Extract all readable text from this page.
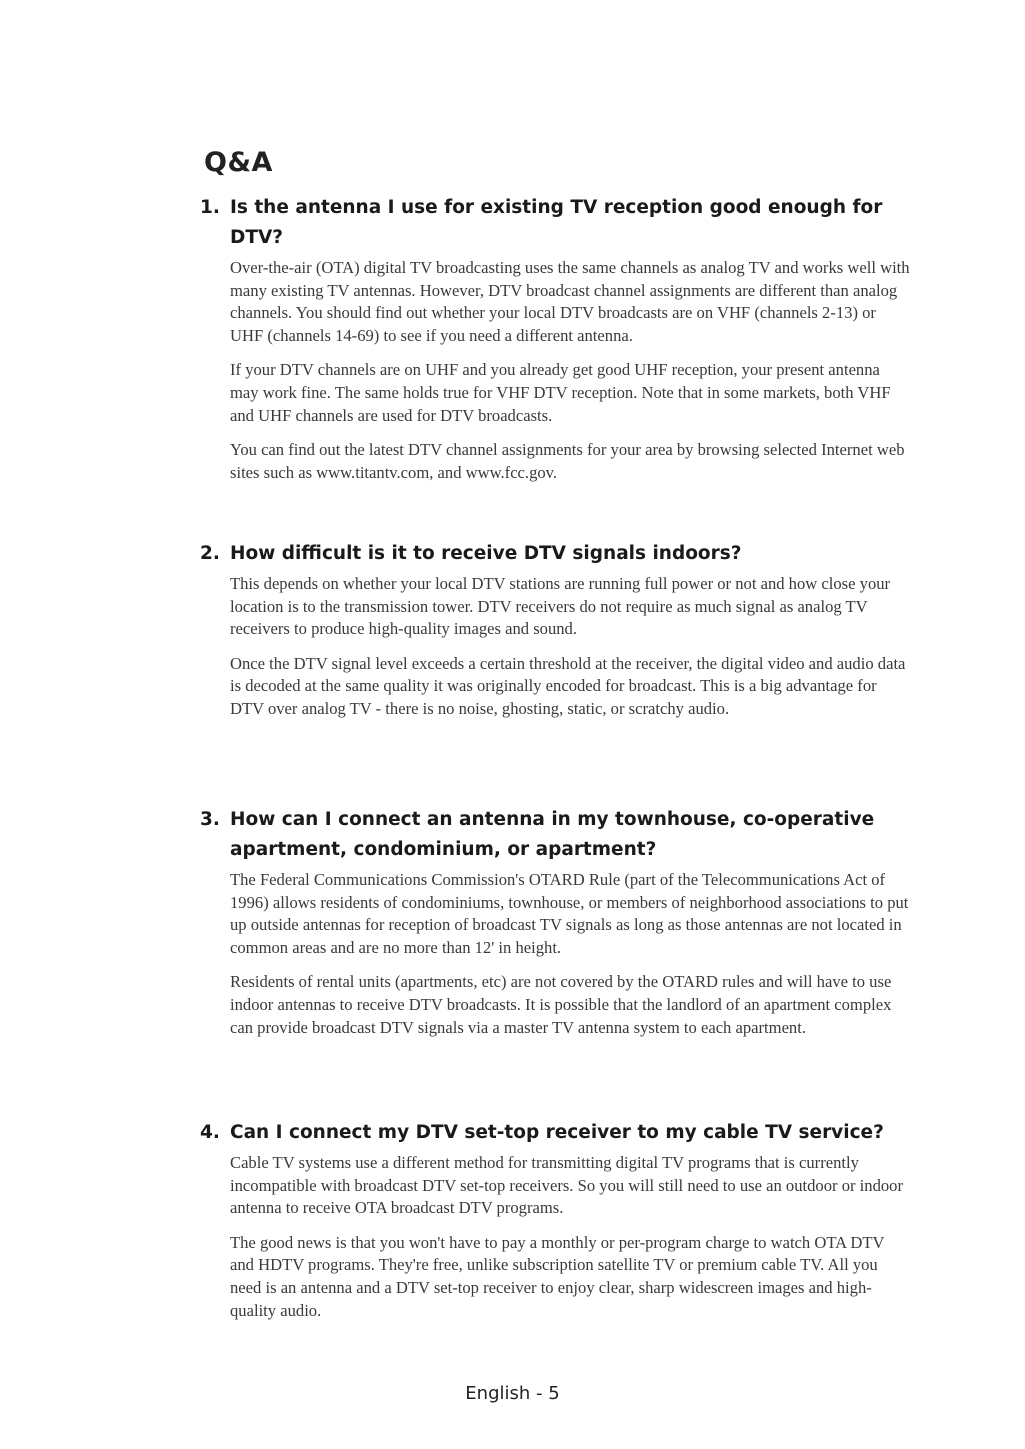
Q&A
1. Is the antenna I use for existing TV reception good enough for DTV?

Over-the-air (OTA) digital TV broadcasting uses the same channels as analog TV and works well with many existing TV antennas. However, DTV broadcast channel assignments are different than analog channels. You should find out whether your local DTV broadcasts are on VHF (channels 2-13) or UHF (channels 14-69) to see if you need a different antenna.

If your DTV channels are on UHF and you already get good UHF reception, your present antenna may work fine. The same holds true for VHF DTV reception. Note that in some markets, both VHF and UHF channels are used for DTV broadcasts.

You can find out the latest DTV channel assignments for your area by browsing selected Internet web sites such as www.titantv.com, and www.fcc.gov.

2. How difficult is it to receive DTV signals indoors?

This depends on whether your local DTV stations are running full power or not and how close your location is to the transmission tower. DTV receivers do not require as much signal as analog TV receivers to produce high-quality images and sound.

Once the DTV signal level exceeds a certain threshold at the receiver, the digital video and audio data is decoded at the same quality it was originally encoded for broadcast. This is a big advantage for DTV over analog TV - there is no noise, ghosting, static, or scratchy audio.

3. How can I connect an antenna in my townhouse, co-operative apartment, condominium, or apartment?

The Federal Communications Commission's OTARD Rule (part of the Telecommunications Act of 1996) allows residents of condominiums, townhouse, or members of neighborhood associations to put up outside antennas for reception of broadcast TV signals as long as those antennas are not located in common areas and are no more than 12' in height.

Residents of rental units (apartments, etc) are not covered by the OTARD rules and will have to use indoor antennas to receive DTV broadcasts. It is possible that the landlord of an apartment complex can provide broadcast DTV signals via a master TV antenna system to each apartment.

4. Can I connect my DTV set-top receiver to my cable TV service?

Cable TV systems use a different method for transmitting digital TV programs that is currently incompatible with broadcast DTV set-top receivers. So you will still need to use an outdoor or indoor antenna to receive OTA broadcast DTV programs.

The good news is that you won't have to pay a monthly or per-program charge to watch OTA DTV and HDTV programs. They're free, unlike subscription satellite TV or premium cable TV. All you need is an antenna and a DTV set-top receiver to enjoy clear, sharp widescreen images and high-quality audio.

English - 5
